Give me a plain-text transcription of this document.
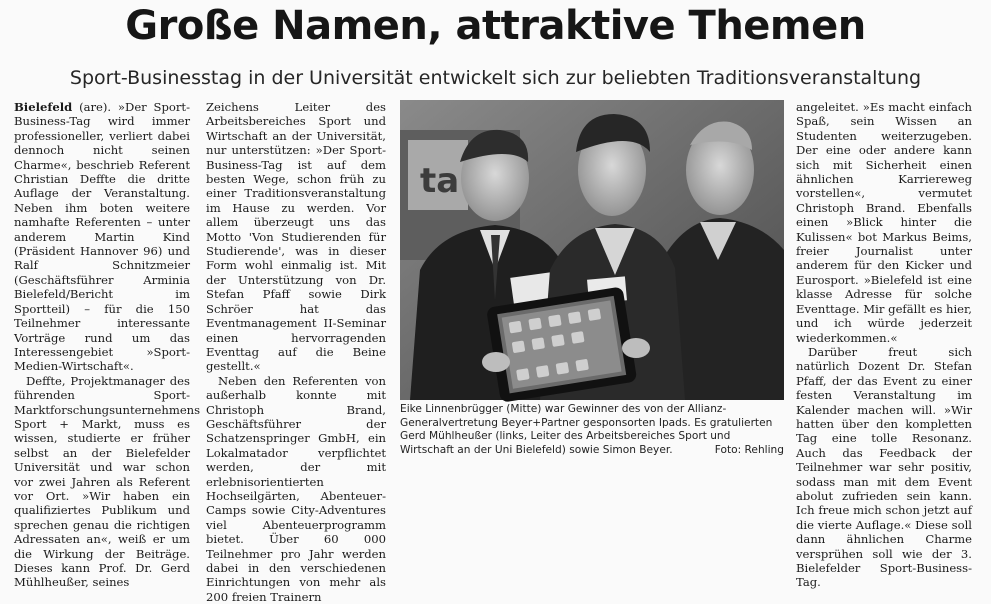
Große Namen, attraktive Themen
Sport-Businesstag in der Universität entwickelt sich zur beliebten Traditionsveranstaltung

Bielefeld (are). »Der Sport-Business-Tag wird immer professioneller, verliert dabei dennoch nicht seinen Charme«, beschrieb Referent Christian Deffte die dritte Auflage der Veranstaltung. Neben ihm boten weitere namhafte Referenten – unter anderem Martin Kind (Präsident Hannover 96) und Ralf Schnitzmeier (Geschäftsführer Arminia Bielefeld/Bericht im Sportteil) – für die 150 Teilnehmer interessante Vorträge rund um das Interessengebiet »Sport-Medien-Wirtschaft«.

Deffte, Projektmanager des führenden Sport-Marktforschungsunternehmens Sport + Markt, muss es wissen, studierte er früher selbst an der Bielefelder Universität und war schon vor zwei Jahren als Referent vor Ort. »Wir haben ein qualifiziertes Publikum und sprechen genau die richtigen Adressaten an«, weiß er um die Wirkung der Beiträge. Dieses kann Prof. Dr. Gerd Mühlheußer, seines

Zeichens Leiter des Arbeitsbereiches Sport und Wirtschaft an der Universität, nur unterstützen: »Der Sport-Business-Tag ist auf dem besten Wege, schon früh zu einer Traditionsveranstaltung im Hause zu werden. Vor allem überzeugt uns das Motto 'Von Studierenden für Studierende', was in dieser Form wohl einmalig ist. Mit der Unterstützung von Dr. Stefan Pfaff sowie Dirk Schröer hat das Eventmanagement II-Seminar einen hervorragenden Eventtag auf die Beine gestellt.«

Neben den Referenten von außerhalb konnte mit Christoph Brand, Geschäftsführer der Schatzenspringer GmbH, ein Lokalmatador verpflichtet werden, der mit erlebnisorientierten Hochseilgärten, Abenteuer-Camps sowie City-Adventures viel Abenteuerprogramm bietet. Über 60 000 Teilnehmer pro Jahr werden dabei in den verschiedenen Einrichtungen von mehr als 200 freien Trainern

ta
Eike Linnenbrügger (Mitte) war Gewinner des von der Allianz-Generalvertretung Beyer+Partner gesponsorten Ipads. Es gratulierten Gerd Mühlheußer (links, Leiter des Arbeitsbereiches Sport und Wirtschaft an der Uni Bielefeld) sowie Simon Beyer.	Foto: Rehling

angeleitet. »Es macht einfach Spaß, sein Wissen an Studenten weiterzugeben. Der eine oder andere kann sich mit Sicherheit einen ähnlichen Karriereweg vorstellen«, vermutet Christoph Brand. Ebenfalls einen »Blick hinter die Kulissen« bot Markus Beims, freier Journalist unter anderem für den Kicker und Eurosport. »Bielefeld ist eine klasse Adresse für solche Eventtage. Mir gefällt es hier, und ich würde jederzeit wiederkommen.«

Darüber freut sich natürlich Dozent Dr. Stefan Pfaff, der das Event zu einer festen Veranstaltung im Kalender machen will. »Wir hatten über den kompletten Tag eine tolle Resonanz. Auch das Feedback der Teilnehmer war sehr positiv, sodass man mit dem Event abolut zufrieden sein kann. Ich freue mich schon jetzt auf die vierte Auflage.« Diese soll dann ähnlichen Charme versprühen soll wie der 3. Bielefelder Sport-Business-Tag.
